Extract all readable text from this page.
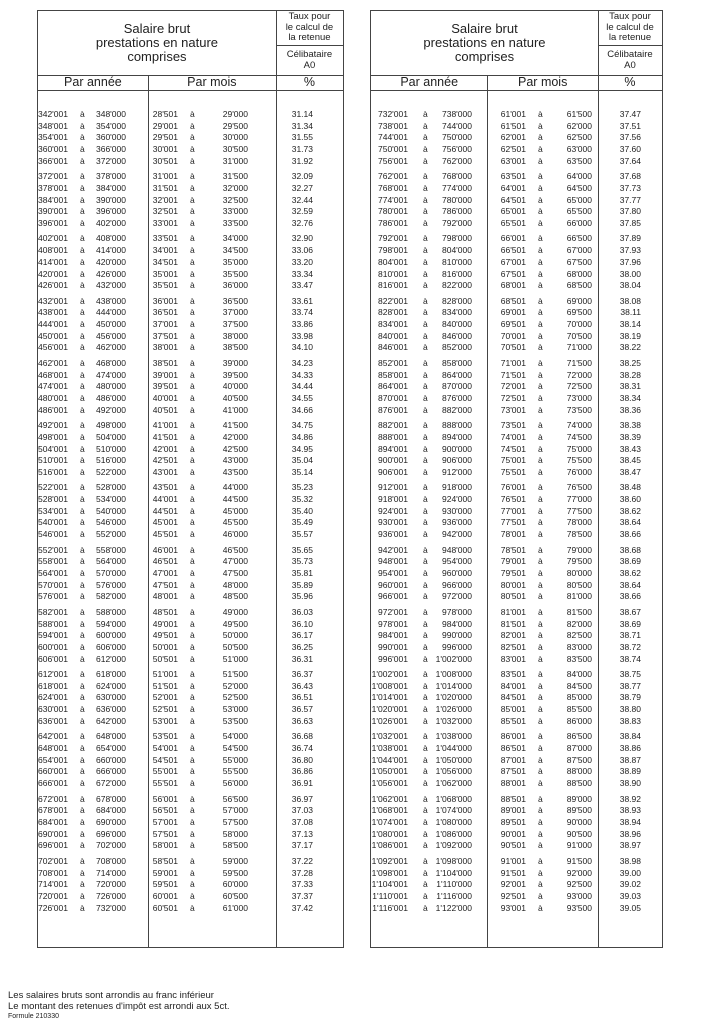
Salaire brut
prestations en nature
comprises
Taux pour
le calcul de
la retenue
Célibataire
A0
Par année	Par mois	%
342'001 à	348'000	28'501 à	29'000	31.14
348'001 à	354'000	29'001 à	29'500	31.34
354'001 à	360'000	29'501 à	30'000	31.55
360'001 à	366'000	30'001 à	30'500	31.73
366'001 à	372'000	30'501 à	31'000	31.92
372'001 à	378'000	31'001 à	31'500	32.09
378'001 à	384'000	31'501 à	32'000	32.27
384'001 à	390'000	32'001 à	32'500	32.44
390'001 à	396'000	32'501 à	33'000	32.59
396'001 à	402'000	33'001 à	33'500	32.76
402'001 à	408'000	33'501 à	34'000	32.90
408'001 à	414'000	34'001 à	34'500	33.06
414'001 à	420'000	34'501 à	35'000	33.20
420'001 à	426'000	35'001 à	35'500	33.34
426'001 à	432'000	35'501 à	36'000	33.47
432'001 à	438'000	36'001 à	36'500	33.61
438'001 à	444'000	36'501 à	37'000	33.74
444'001 à	450'000	37'001 à	37'500	33.86
450'001 à	456'000	37'501 à	38'000	33.98
456'001 à	462'000	38'001 à	38'500	34.10
462'001 à	468'000	38'501 à	39'000	34.23
468'001 à	474'000	39'001 à	39'500	34.33
474'001 à	480'000	39'501 à	40'000	34.44
480'001 à	486'000	40'001 à	40'500	34.55
486'001 à	492'000	40'501 à	41'000	34.66
492'001 à	498'000	41'001 à	41'500	34.75
498'001 à	504'000	41'501 à	42'000	34.86
504'001 à	510'000	42'001 à	42'500	34.95
510'001 à	516'000	42'501 à	43'000	35.04
516'001 à	522'000	43'001 à	43'500	35.14
522'001 à	528'000	43'501 à	44'000	35.23
528'001 à	534'000	44'001 à	44'500	35.32
534'001 à	540'000	44'501 à	45'000	35.40
540'001 à	546'000	45'001 à	45'500	35.49
546'001 à	552'000	45'501 à	46'000	35.57
552'001 à	558'000	46'001 à	46'500	35.65
558'001 à	564'000	46'501 à	47'000	35.73
564'001 à	570'000	47'001 à	47'500	35.81
570'001 à	576'000	47'501 à	48'000	35.89
576'001 à	582'000	48'001 à	48'500	35.96
582'001 à	588'000	48'501 à	49'000	36.03
588'001 à	594'000	49'001 à	49'500	36.10
594'001 à	600'000	49'501 à	50'000	36.17
600'001 à	606'000	50'001 à	50'500	36.25
606'001 à	612'000	50'501 à	51'000	36.31
612'001 à	618'000	51'001 à	51'500	36.37
618'001 à	624'000	51'501 à	52'000	36.43
624'001 à	630'000	52'001 à	52'500	36.51
630'001 à	636'000	52'501 à	53'000	36.57
636'001 à	642'000	53'001 à	53'500	36.63
642'001 à	648'000	53'501 à	54'000	36.68
648'001 à	654'000	54'001 à	54'500	36.74
654'001 à	660'000	54'501 à	55'000	36.80
660'001 à	666'000	55'001 à	55'500	36.86
666'001 à	672'000	55'501 à	56'000	36.91
672'001 à	678'000	56'001 à	56'500	36.97
678'001 à	684'000	56'501 à	57'000	37.03
684'001 à	690'000	57'001 à	57'500	37.08
690'001 à	696'000	57'501 à	58'000	37.13
696'001 à	702'000	58'001 à	58'500	37.17
702'001 à	708'000	58'501 à	59'000	37.22
708'001 à	714'000	59'001 à	59'500	37.28
714'001 à	720'000	59'501 à	60'000	37.33
720'001 à	726'000	60'001 à	60'500	37.37
726'001 à	732'000	60'501 à	61'000	37.42
Salaire brut
prestations en nature
comprises
Taux pour
le calcul de
la retenue
Célibataire
A0
Par année	Par mois	%
732'001 à	738'000	61'001 à	61'500	37.47
738'001 à	744'000	61'501 à	62'000	37.51
744'001 à	750'000	62'001 à	62'500	37.56
750'001 à	756'000	62'501 à	63'000	37.60
756'001 à	762'000	63'001 à	63'500	37.64
762'001 à	768'000	63'501 à	64'000	37.68
768'001 à	774'000	64'001 à	64'500	37.73
774'001 à	780'000	64'501 à	65'000	37.77
780'001 à	786'000	65'001 à	65'500	37.80
786'001 à	792'000	65'501 à	66'000	37.85
792'001 à	798'000	66'001 à	66'500	37.89
798'001 à	804'000	66'501 à	67'000	37.93
804'001 à	810'000	67'001 à	67'500	37.96
810'001 à	816'000	67'501 à	68'000	38.00
816'001 à	822'000	68'001 à	68'500	38.04
822'001 à	828'000	68'501 à	69'000	38.08
828'001 à	834'000	69'001 à	69'500	38.11
834'001 à	840'000	69'501 à	70'000	38.14
840'001 à	846'000	70'001 à	70'500	38.19
846'001 à	852'000	70'501 à	71'000	38.22
852'001 à	858'000	71'001 à	71'500	38.25
858'001 à	864'000	71'501 à	72'000	38.28
864'001 à	870'000	72'001 à	72'500	38.31
870'001 à	876'000	72'501 à	73'000	38.34
876'001 à	882'000	73'001 à	73'500	38.36
882'001 à	888'000	73'501 à	74'000	38.38
888'001 à	894'000	74'001 à	74'500	38.39
894'001 à	900'000	74'501 à	75'000	38.43
900'001 à	906'000	75'001 à	75'500	38.45
906'001 à	912'000	75'501 à	76'000	38.47
912'001 à	918'000	76'001 à	76'500	38.48
918'001 à	924'000	76'501 à	77'000	38.60
924'001 à	930'000	77'001 à	77'500	38.62
930'001 à	936'000	77'501 à	78'000	38.64
936'001 à	942'000	78'001 à	78'500	38.66
942'001 à	948'000	78'501 à	79'000	38.68
948'001 à	954'000	79'001 à	79'500	38.69
954'001 à	960'000	79'501 à	80'000	38.62
960'001 à	966'000	80'001 à	80'500	38.64
966'001 à	972'000	80'501 à	81'000	38.66
972'001 à	978'000	81'001 à	81'500	38.67
978'001 à	984'000	81'501 à	82'000	38.69
984'001 à	990'000	82'001 à	82'500	38.71
990'001 à	996'000	82'501 à	83'000	38.72
996'001 à 1'002'000	83'001 à	83'500	38.74
1'002'001 à 1'008'000	83'501 à	84'000	38.75
1'008'001 à 1'014'000	84'001 à	84'500	38.77
1'014'001 à 1'020'000	84'501 à	85'000	38.79
1'020'001 à 1'026'000	85'001 à	85'500	38.80
1'026'001 à 1'032'000	85'501 à	86'000	38.83
1'032'001 à 1'038'000	86'001 à	86'500	38.84
1'038'001 à 1'044'000	86'501 à	87'000	38.86
1'044'001 à 1'050'000	87'001 à	87'500	38.87
1'050'001 à 1'056'000	87'501 à	88'000	38.89
1'056'001 à 1'062'000	88'001 à	88'500	38.90
1'062'001 à 1'068'000	88'501 à	89'000	38.92
1'068'001 à 1'074'000	89'001 à	89'500	38.93
1'074'001 à 1'080'000	89'501 à	90'000	38.94
1'080'001 à 1'086'000	90'001 à	90'500	38.96
1'086'001 à 1'092'000	90'501 à	91'000	38.97
1'092'001 à 1'098'000	91'001 à	91'500	38.98
1'098'001 à 1'104'000	91'501 à	92'000	39.00
1'104'001 à	1'110'000	92'001 à	92'500	39.02
1'110'001 à	1'116'000	92'501 à	93'000	39.03
1'116'001 à 1'122'000	93'001 à	93'500	39.05
Les salaires bruts sont arrondis au franc inférieur
Le montant des retenues d'impôt est arrondi aux 5ct.
Formule 210330
